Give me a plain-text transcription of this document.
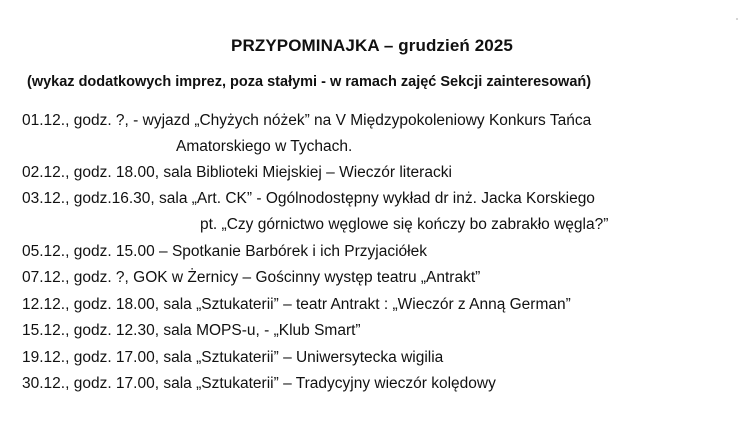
PRZYPOMINAJKA – grudzień 2025
(wykaz dodatkowych imprez, poza stałymi - w ramach zajęć Sekcji zainteresowań)
01.12., godz. ?, - wyjazd „Chyżych nóżek” na V Międzypokoleniowy Konkurs Tańca
Amatorskiego w Tychach.
02.12., godz. 18.00, sala Biblioteki Miejskiej – Wieczór literacki
03.12., godz.16.30, sala „Art. CK” - Ogólnodostępny wykład dr inż. Jacka Korskiego
pt. „Czy górnictwo węglowe się kończy bo zabrakło węgla?”
05.12., godz. 15.00 – Spotkanie Barbórek i ich Przyjaciółek
07.12., godz. ?, GOK w Żernicy – Gościnny występ teatru „Antrakt”
12.12., godz. 18.00, sala „Sztukaterii” – teatr Antrakt : „Wieczór z Anną German”
15.12., godz. 12.30, sala MOPS-u, - „Klub Smart”
19.12., godz. 17.00, sala „Sztukaterii” – Uniwersytecka wigilia
30.12., godz. 17.00, sala „Sztukaterii” – Tradycyjny wieczór kolędowy
